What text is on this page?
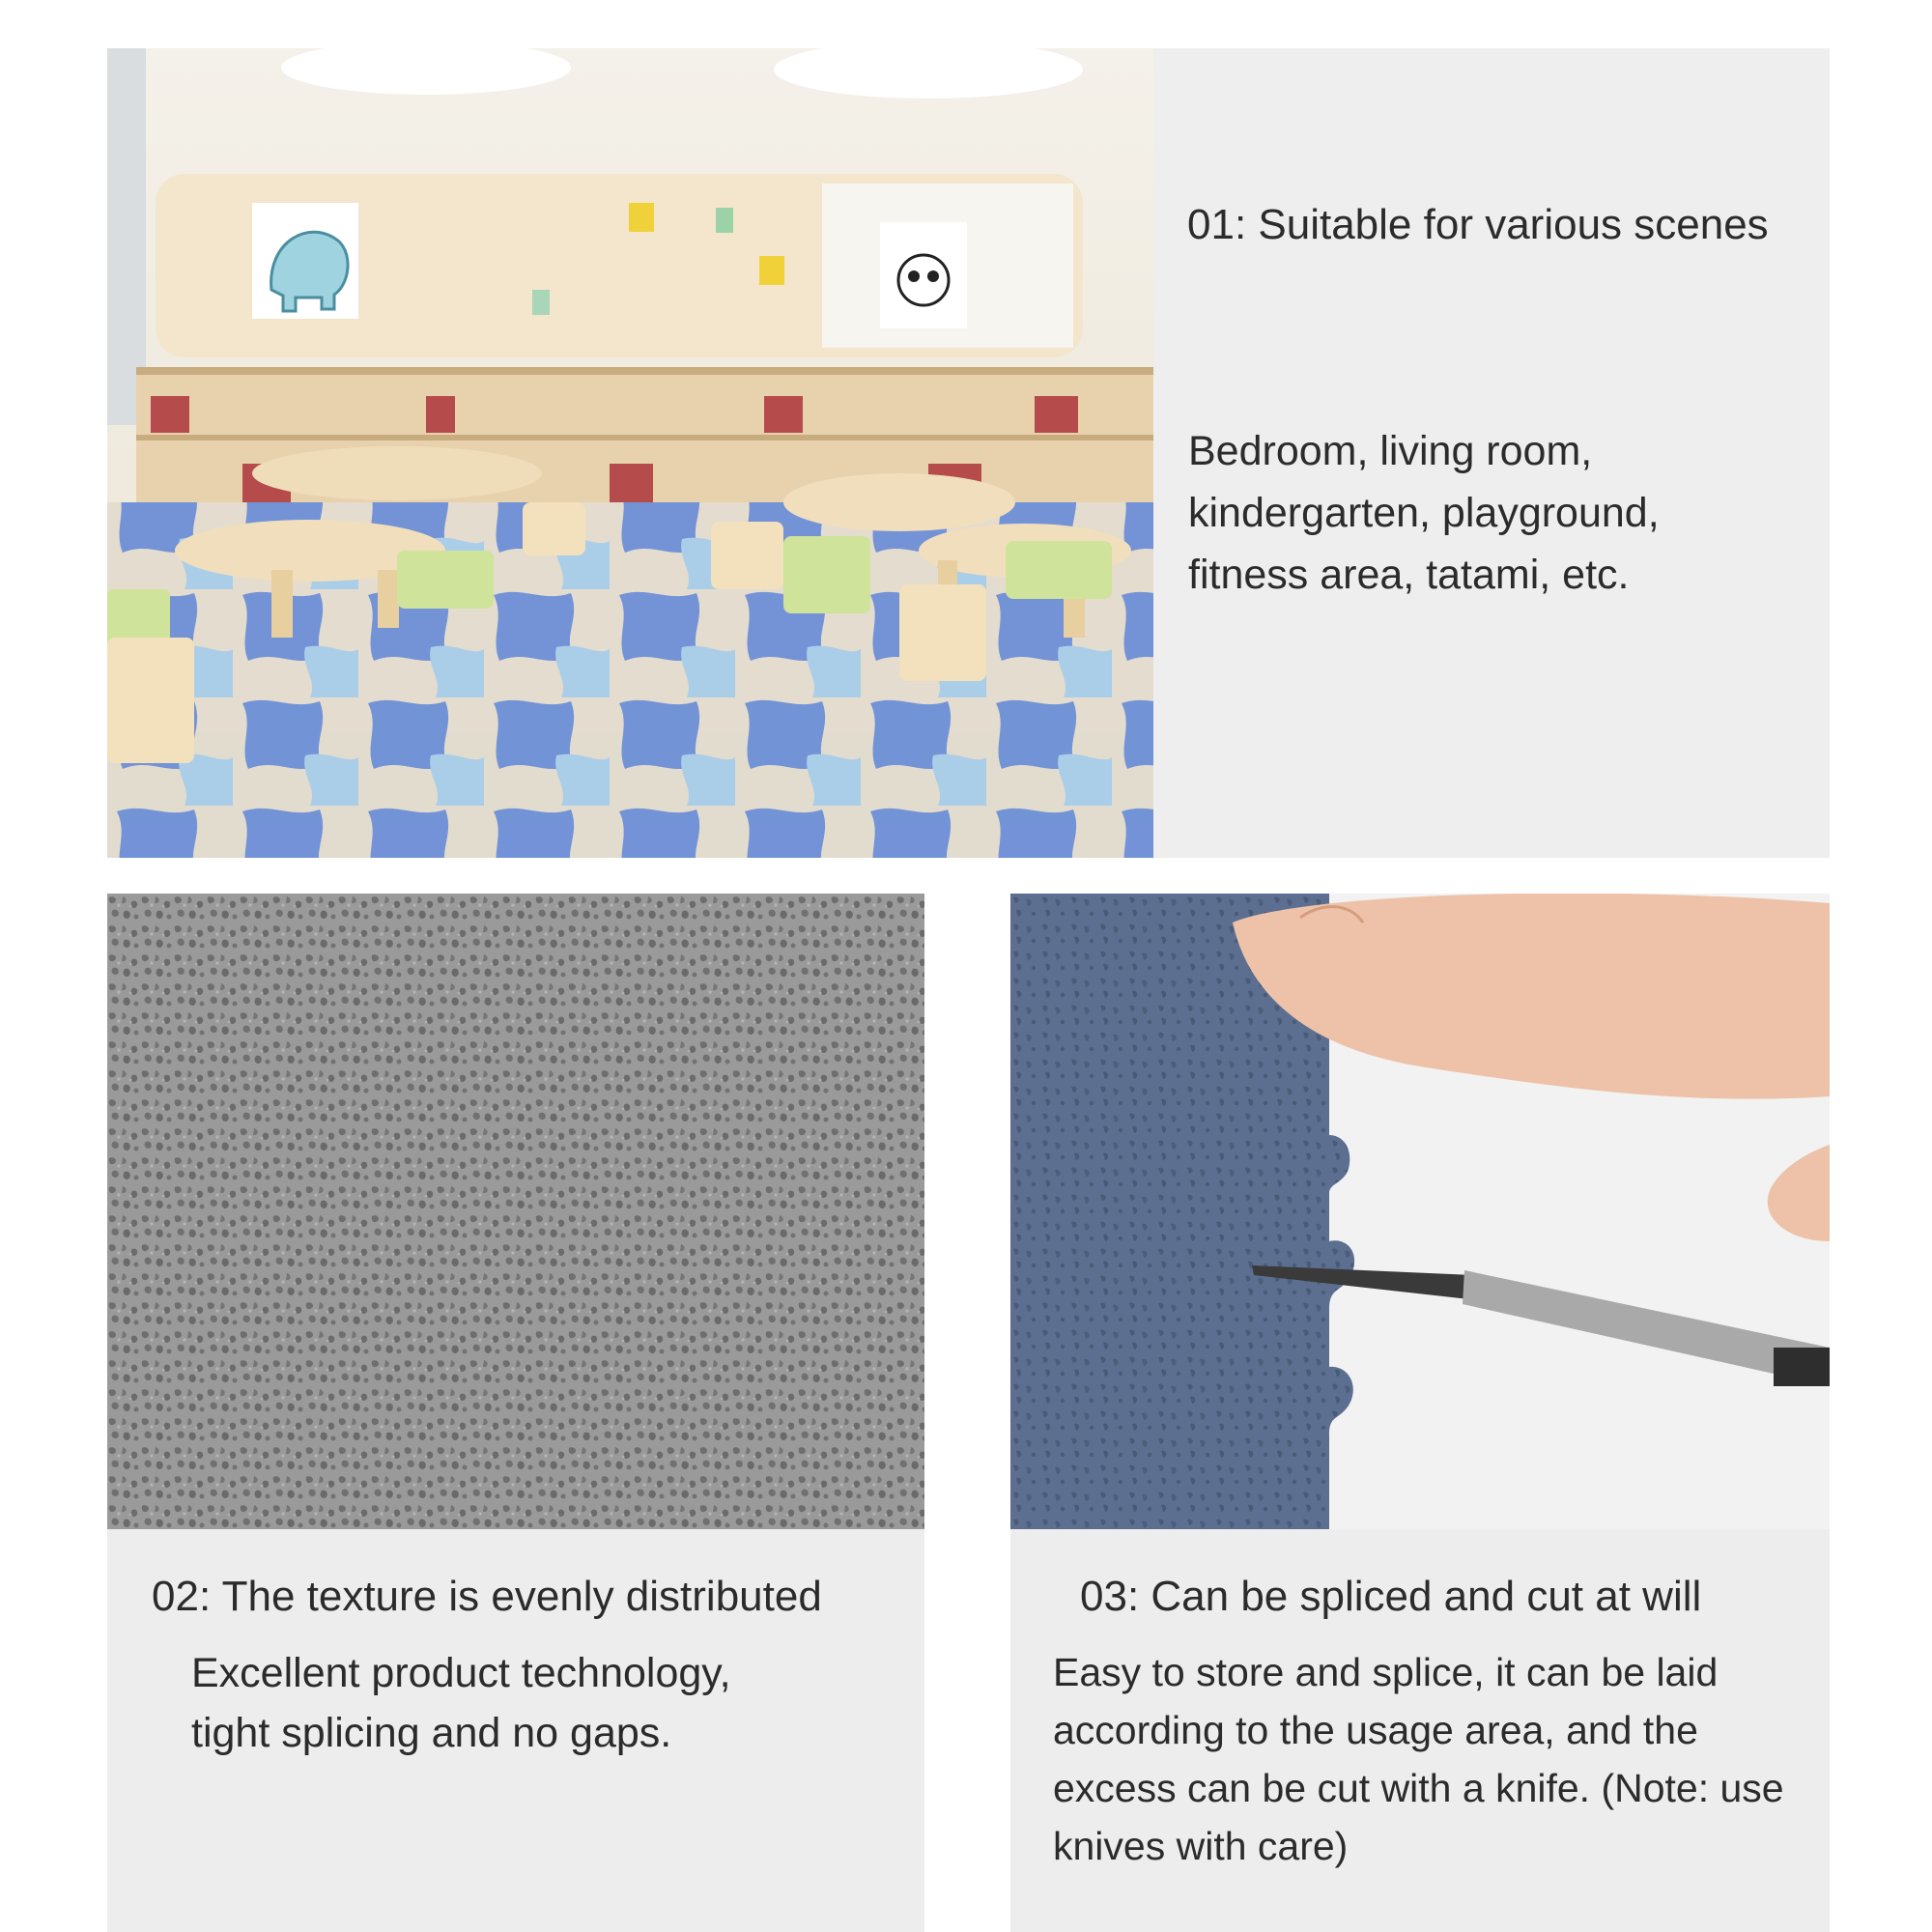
01: Suitable for various scenes
Bedroom, living room, kindergarten, playground, fitness area, tatami, etc.
02: The texture is evenly distributed
Excellent product technology, tight splicing and no gaps.
03: Can be spliced and cut at will
Easy to store and splice, it can be laid according to the usage area, and the excess can be cut with a knife. (Note: use knives with care)
